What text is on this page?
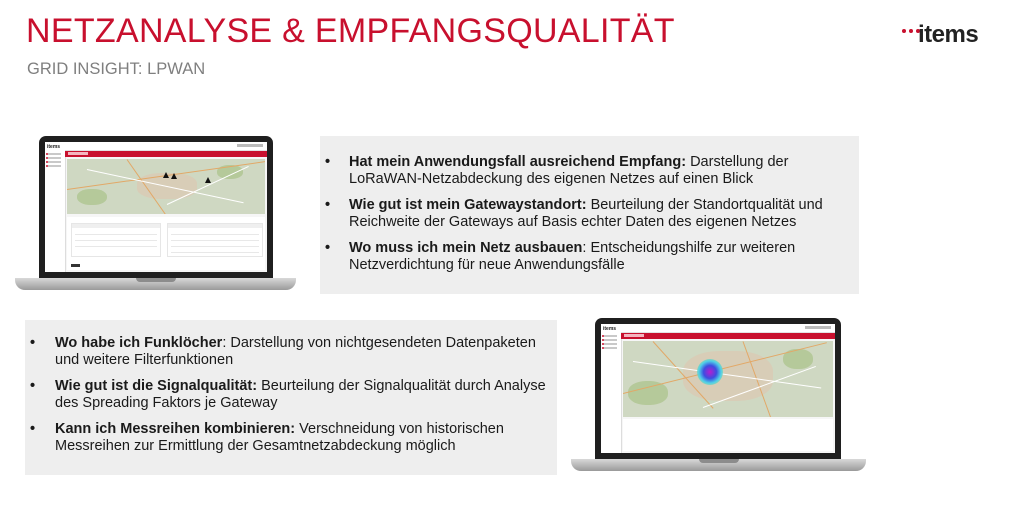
NETZANALYSE & EMPFANGSQUALITÄT
GRID INSIGHT: LPWAN
items
items
• Hat mein Anwendungsfall ausreichend Empfang: Darstellung der LoRaWAN-Netzabdeckung des eigenen Netzes auf einen Blick
• Wie gut ist mein Gatewaystandort: Beurteilung der Standortqualität und Reichweite der Gateways auf Basis echter Daten des eigenen Netzes
• Wo muss ich mein Netz ausbauen: Entscheidungshilfe zur weiteren Netzverdichtung für neue Anwendungsfälle
• Wo habe ich Funklöcher: Darstellung von nichtgesendeten Datenpaketen und weitere Filterfunktionen
• Wie gut ist die Signalqualität: Beurteilung der Signalqualität durch Analyse des Spreading Faktors je Gateway
• Kann ich Messreihen kombinieren: Verschneidung von historischen Messreihen zur Ermittlung der Gesamtnetzabdeckung möglich
items
